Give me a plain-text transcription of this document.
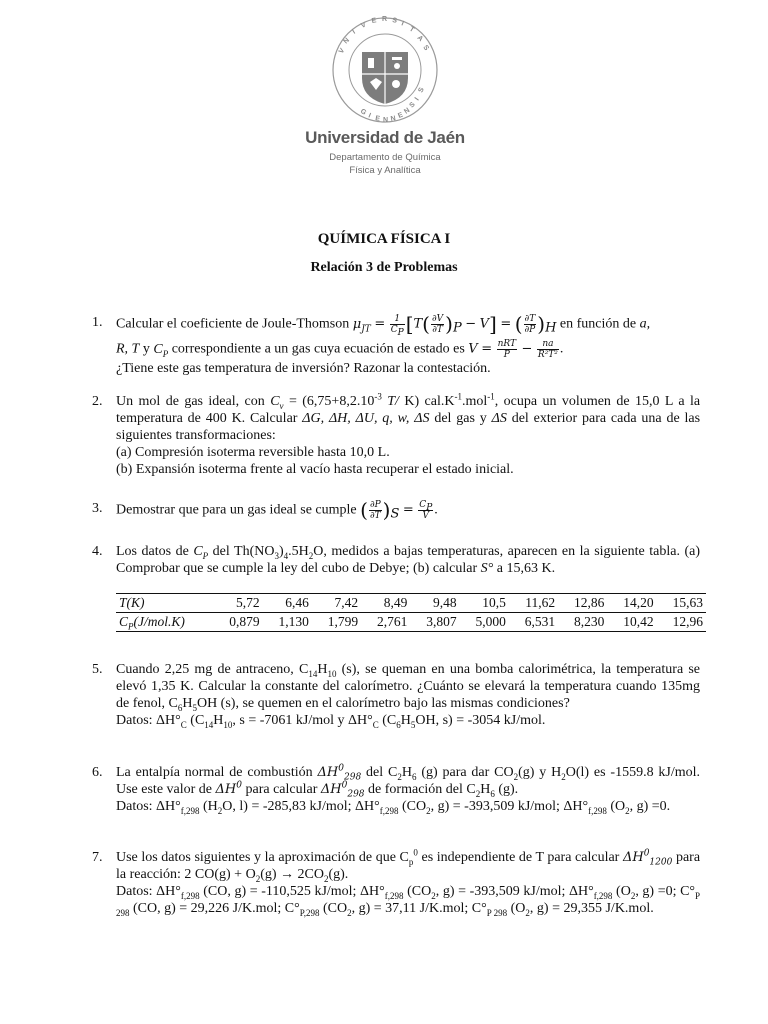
V
N
I
V
E R S I
T
A
S
G I E N N E
N
S
I
S
Universidad de Jaén
Departamento de Química
Física y Analítica
QUÍMICA FÍSICA I
Relación 3 de Problemas
1. Calcular el coeficiente de Joule-Thomson $\mu_{JT} = \frac{1}{C_P} [T( \frac{\partial V}{\partial T} )_P - V]$ = ( $\frac{\partial T}{\partial P} )_H$ en función de a,

R, T y $C_P$ correspondiente a un gas cuya ecuación de estado es $V = \frac{\text{nRT}}{P} - \frac{na}{\text{R²T²}}$ .

¿Tiene este gas temperatura de inversión? Razonar la contestación.

2. Un mol de gas ideal, con $C_v = (6,75+8,2.10^{-3}$ T/ K) $cal.K^{-1}.mol^{-1}$, ocupa un volumen de 15,0 L a la temperatura de 400 K. Calcular ΔG, ΔH, ΔU, q, w, ΔS del gas y ΔS del exterior para cada una de las siguientes transformaciones:

(a) Compresión isoterma reversible hasta 10,0 L.

(b) Expansión isoterma frente al vacío hasta recuperar el estado inicial.

3. Demostrar que para un gas ideal se cumple ( $\frac{\partial P}{\partial T} )_S = \frac{C_P}{V}$ .

4. Los datos de $C_P$ del $Th(NO_3)_4.5H_2O$, medidos a bajas temperaturas, aparecen en la siguiente tabla. (a) Comprobar que se cumple la ley del cubo de Debye; (b) calcular S° a 15,63 K.

T(K)	5,72	6,46	7,42	8,49	9,48	10,5	11,62	12,86	14,20	15,63
$C_P(J/mol.K)$	0,879	1,130	1,799	2,761	3,807	5,000	6,531	8,230	10,42	12,96
5. Cuando 2,25 mg de antraceno, $C_{14}H_{10}$ (s), se queman en una bomba calorimétrica, la temperatura se elevó 1,35 K. Calcular la constante del calorímetro. ¿Cuánto se elevará la temperatura cuando 135mg de fenol, $C_6H_5OH$ (s), se quemen en el calorímetro bajo las mismas condiciones?

Datos: $\Delta H^\circ_C$ ($C_{14}H_{10}$, s = -7061 kJ/mol y $\Delta H^\circ_C$ ($C_6H_5OH$, s) = -3054 kJ/mol.

6. La entalpía normal de combustión $\Delta H^0_{298}$ del $C_2H_6$ (g) para dar $CO_2(g)$ y $H_2O(l)$ es -1559.8 kJ/mol. Use este valor de $\Delta H^0$ para calcular $\Delta H^0_{298}$ de formación del $C_2H_6$ (g).

Datos: $\Delta H^\circ_{f,298}$ ($H_2O$, l) = -285,83 kJ/mol; $\Delta H^\circ_{f,298}$ ($CO_2$, g) = -393,509 kJ/mol; $\Delta H^\circ_{f,298}$ ($O_2$, g) =0.

7. Use los datos siguientes y la aproximación de que $C_p^0$ es independiente de T para calcular $\Delta H^0_{1200}$ para la reacción: 2 $CO(g) + O_2(g) \to 2CO_2(g)$.

Datos: $\Delta H^\circ_{f,298}$ (CO, g) = -110,525 kJ/mol; $\Delta H^\circ_{f,298}$ ($CO_2$, g) = -393,509 kJ/mol; $\Delta H^\circ_{f,298}$ ($O_2$, g) =0; $C^\circ_{P 298}$ (CO, g) = 29,226 J/K.mol; $C^\circ_{P,298}$ ($CO_2$, g) = 37,11 J/K.mol; $C^\circ_{P 298}$ ($O_2$, g) = 29,355 J/K.mol.
